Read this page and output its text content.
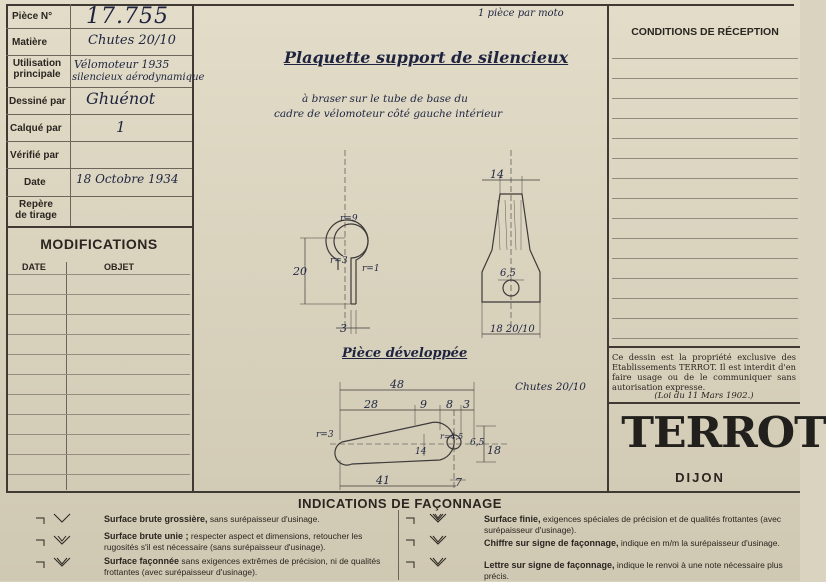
Pièce N° 17.755
Matière	Chutes 20/10
Utilisation principale
Vélomoteur 1935
silencieux aérodynamique
Dessiné par Ghuénot
Calqué par	1
Vérifié par
Date	18 Octobre 1934
Repère de tirage
MODIFICATIONS
DATE	OBJET
CONDITIONS DE RÉCEPTION
Ce dessin est la propriété exclusive des Etablissements TERROT. Il est interdit d'en faire usage ou de le communiquer sans autorisation expresse.
(Loi du 11 Mars 1902.)
TERROT
DIJON
1 pièce par moto
Plaquette support de silencieux
à braser sur le tube de base du
cadre de vélomoteur côté gauche intérieur
14
20
3
r=3
r=1
r=9
6,5
18 20/10
Pièce développée
Chutes 20/10
48
28	9 8 3
41	7
r=3	r=4,5
14
6,5
18
INDICATIONS DE FAÇONNAGE
Surface brute grossière, sans surépaisseur d'usinage.
Surface brute unie ; respecter aspect et dimensions, retoucher les rugosités s'il est nécessaire (sans surépaisseur d'usinage).
Surface façonnée sans exigences extrêmes de précision, ni de qualités frottantes (avec surépaisseur d'usinage).
Surface finie, exigences spéciales de précision et de qualités frottantes (avec surépaisseur d'usinage).
Chiffre sur signe de façonnage, indique en m/m la surépaisseur d'usinage.
Lettre sur signe de façonnage, indique le renvoi à une note nécessaire plus précis.
